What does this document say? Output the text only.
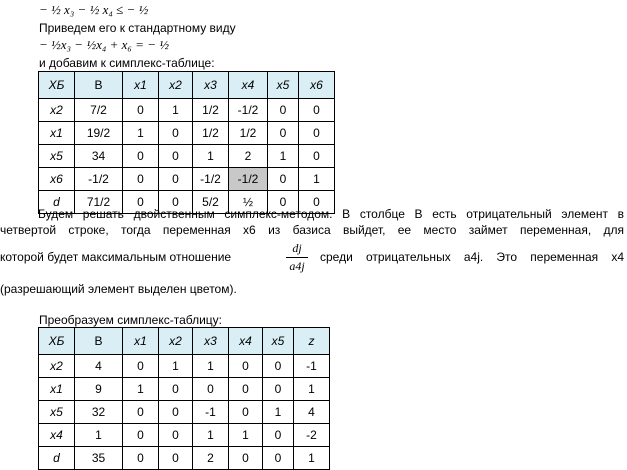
− ½ x₃ − ½ x₄ ≤ − ½
Приведем его к стандартному виду
− ½x₃ − ½x₄ + x₆ = − ½
и добавим к симплекс-таблице:
XБ	B	x1	x2	x3	x4	x5	x6
x2	7/2	0	1	1/2	-1/2	0	0
x1	19/2	1	0	1/2	1/2	0	0
x5	34	0	0	1	2	1	0
x6	-1/2	0	0	-1/2	-1/2	0	1
d	71/2	0	0	5/2	½	0	0
Будем решать двойственным симплекс-методом. В столбце B есть отрицательный элемент в
четвертой строке, тогда переменная x6 из базиса выйдет, ее место займет переменная, для
которой будет максимальным отношение
dj
a4j
среди отрицательных a4j. Это переменная x4
(разрешающий элемент выделен цветом).
Преобразуем симплекс-таблицу:
XБ	B	x1	x2	x3	x4	x5	z
x2	4	0	1	1	0	0	-1
x1	9	1	0	0	0	0	1
x5	32	0	0	-1	0	1	4
x4	1	0	0	1	1	0	-2
d	35	0	0	2	0	0	1
